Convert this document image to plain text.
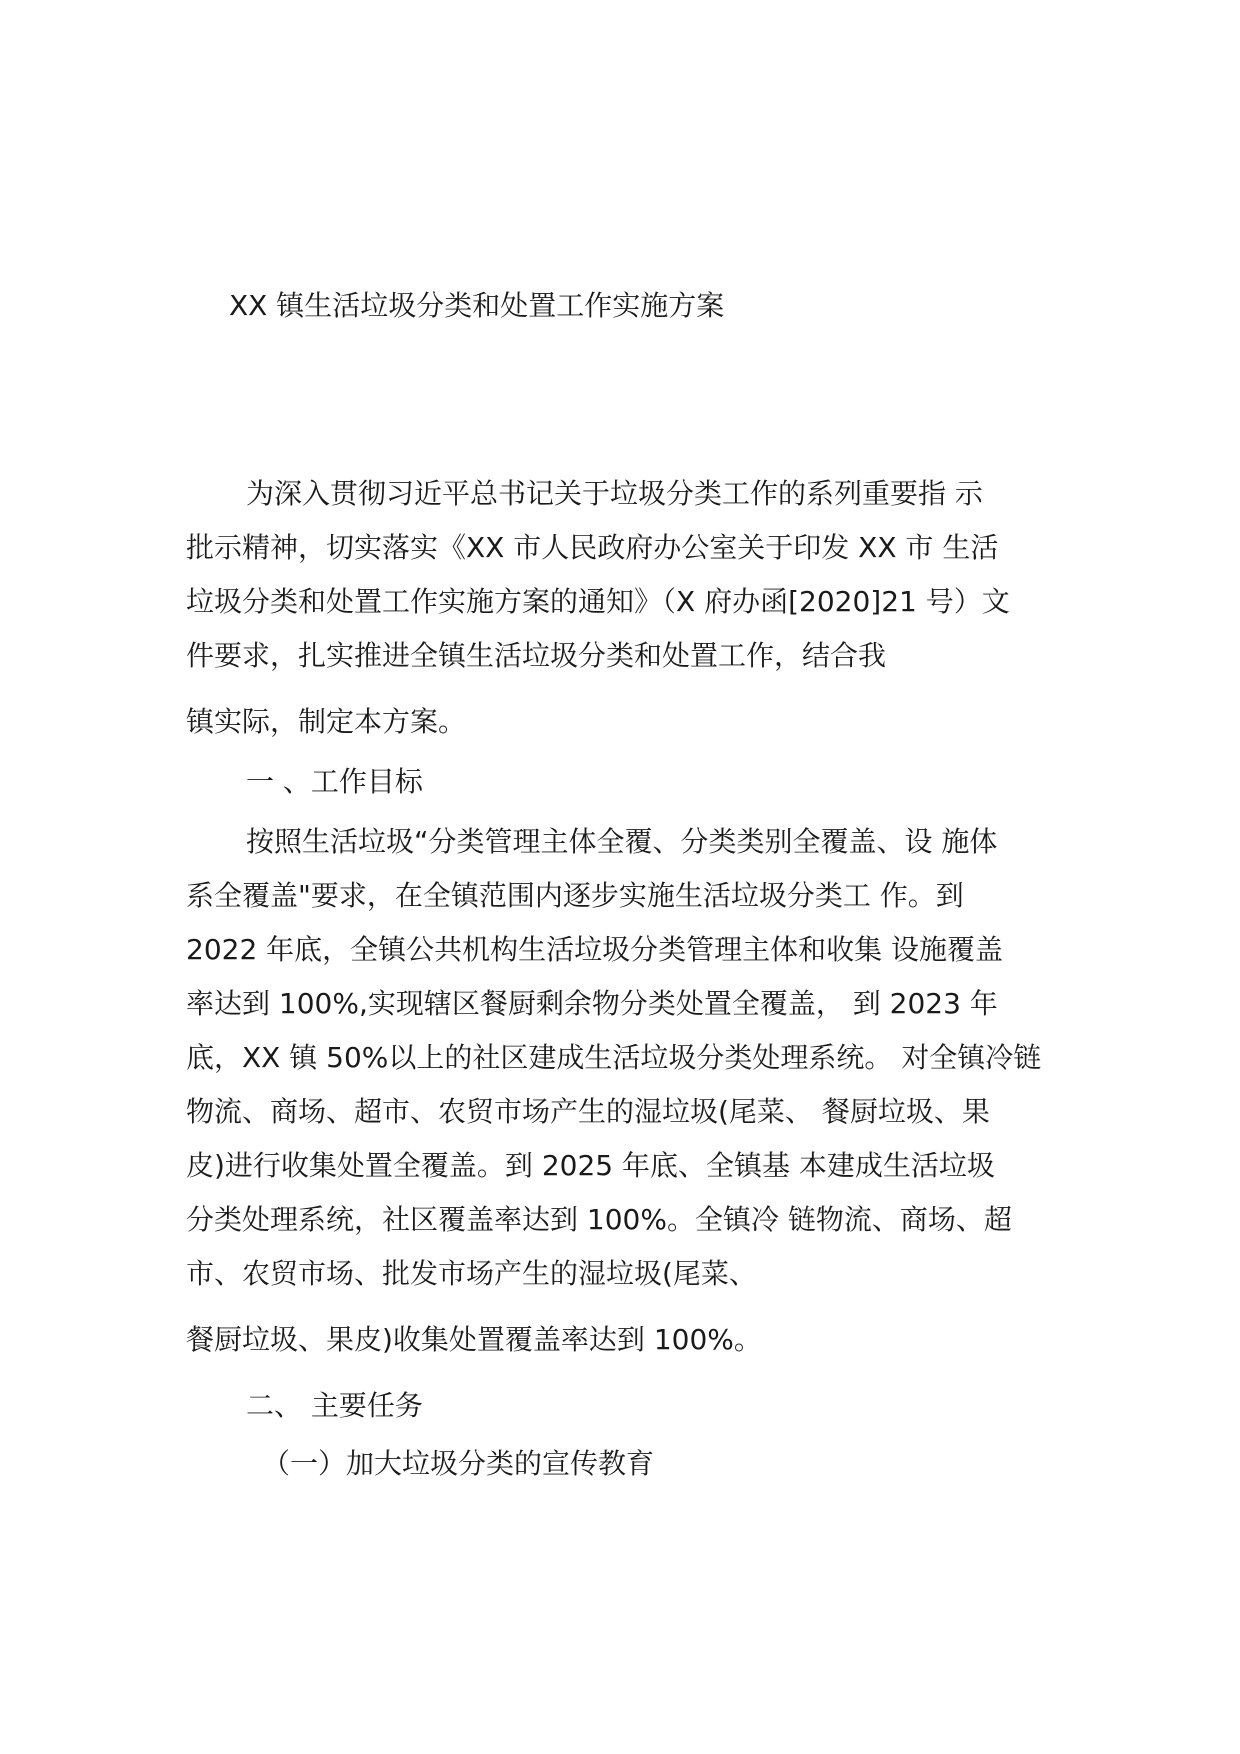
XX 镇生活垃圾分类和处置工作实施方案
为深入贯彻习近平总书记关于垃圾分类工作的系列重要指 示
批示精神，切实落实《XX 市人民政府办公室关于印发 XX 市 生活
垃圾分类和处置工作实施方案的通知》（X 府办函[2020]21 号）文
件要求，扎实推进全镇生活垃圾分类和处置工作，结合我
镇实际，制定本方案。
一 、工作目标
按照生活垃圾“分类管理主体全覆、分类类别全覆盖、设 施体
系全覆盖"要求，在全镇范围内逐步实施生活垃圾分类工 作。到
2022 年底，全镇公共机构生活垃圾分类管理主体和收集 设施覆盖
率达到 100%,实现辖区餐厨剩余物分类处置全覆盖， 到 2023 年
底，XX 镇 50%以上的社区建成生活垃圾分类处理系统。 对全镇冷链
物流、商场、超市、农贸市场产生的湿垃圾(尾菜、 餐厨垃圾、果
皮)进行收集处置全覆盖。到 2025 年底、全镇基 本建成生活垃圾
分类处理系统，社区覆盖率达到 100%。全镇冷 链物流、商场、超
市、农贸市场、批发市场产生的湿垃圾(尾菜、
餐厨垃圾、果皮)收集处置覆盖率达到 100%。
二、 主要任务
（一）加大垃圾分类的宣传教育
